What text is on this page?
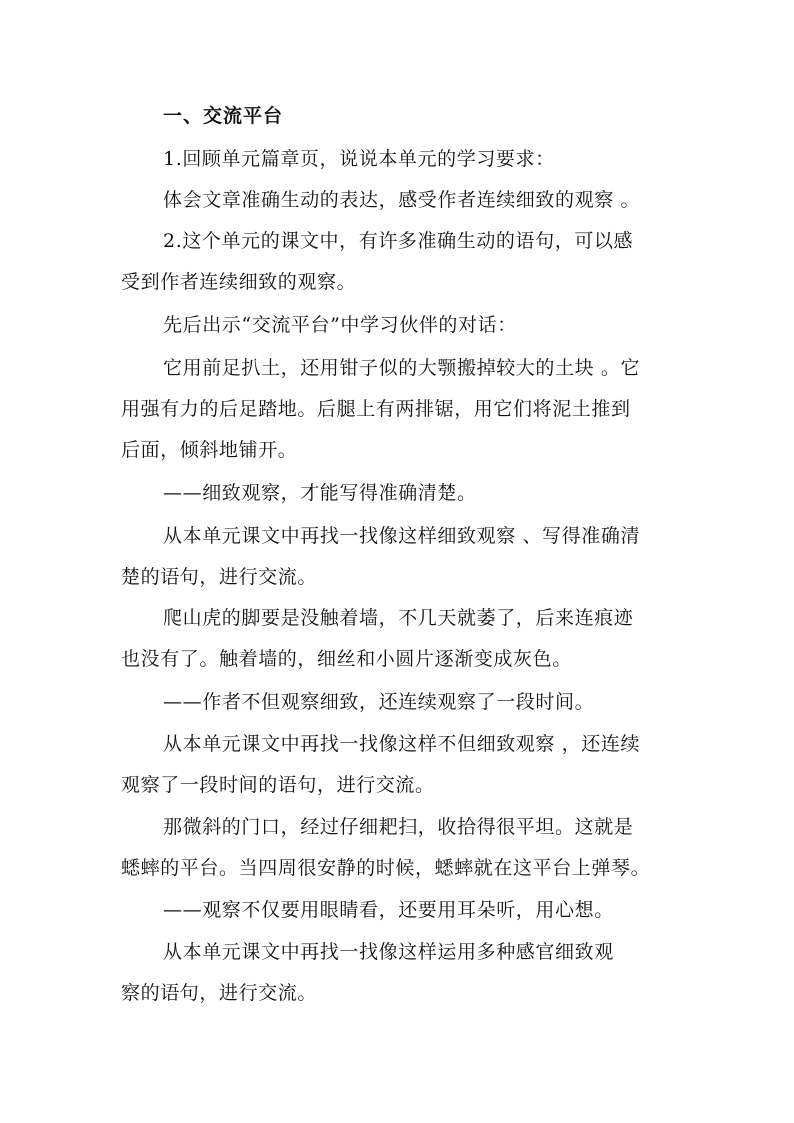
一、交流平台
1.回顾单元篇章页，说说本单元的学习要求：
体会文章准确生动的表达，感受作者连续细致的观察 。
2.这个单元的课文中，有许多准确生动的语句，可以感
受到作者连续细致的观察。
先后出示“交流平台”中学习伙伴的对话：
它用前足扒土，还用钳子似的大颚搬掉较大的土块 。它
用强有力的后足踏地。后腿上有两排锯，用它们将泥土推到
后面，倾斜地铺开。
——细致观察，才能写得准确清楚。
从本单元课文中再找一找像这样细致观察 、写得准确清
楚的语句，进行交流。
爬山虎的脚要是没触着墙，不几天就萎了，后来连痕迹
也没有了。触着墙的，细丝和小圆片逐渐变成灰色。
——作者不但观察细致，还连续观察了一段时间。
从本单元课文中再找一找像这样不但细致观察 ，还连续
观察了一段时间的语句，进行交流。
那微斜的门口，经过仔细耙扫，收拾得很平坦。这就是
蟋蟀的平台。当四周很安静的时候，蟋蟀就在这平台上弹琴。
——观察不仅要用眼睛看，还要用耳朵听，用心想。
从本单元课文中再找一找像这样运用多种感官细致观
察的语句，进行交流。
